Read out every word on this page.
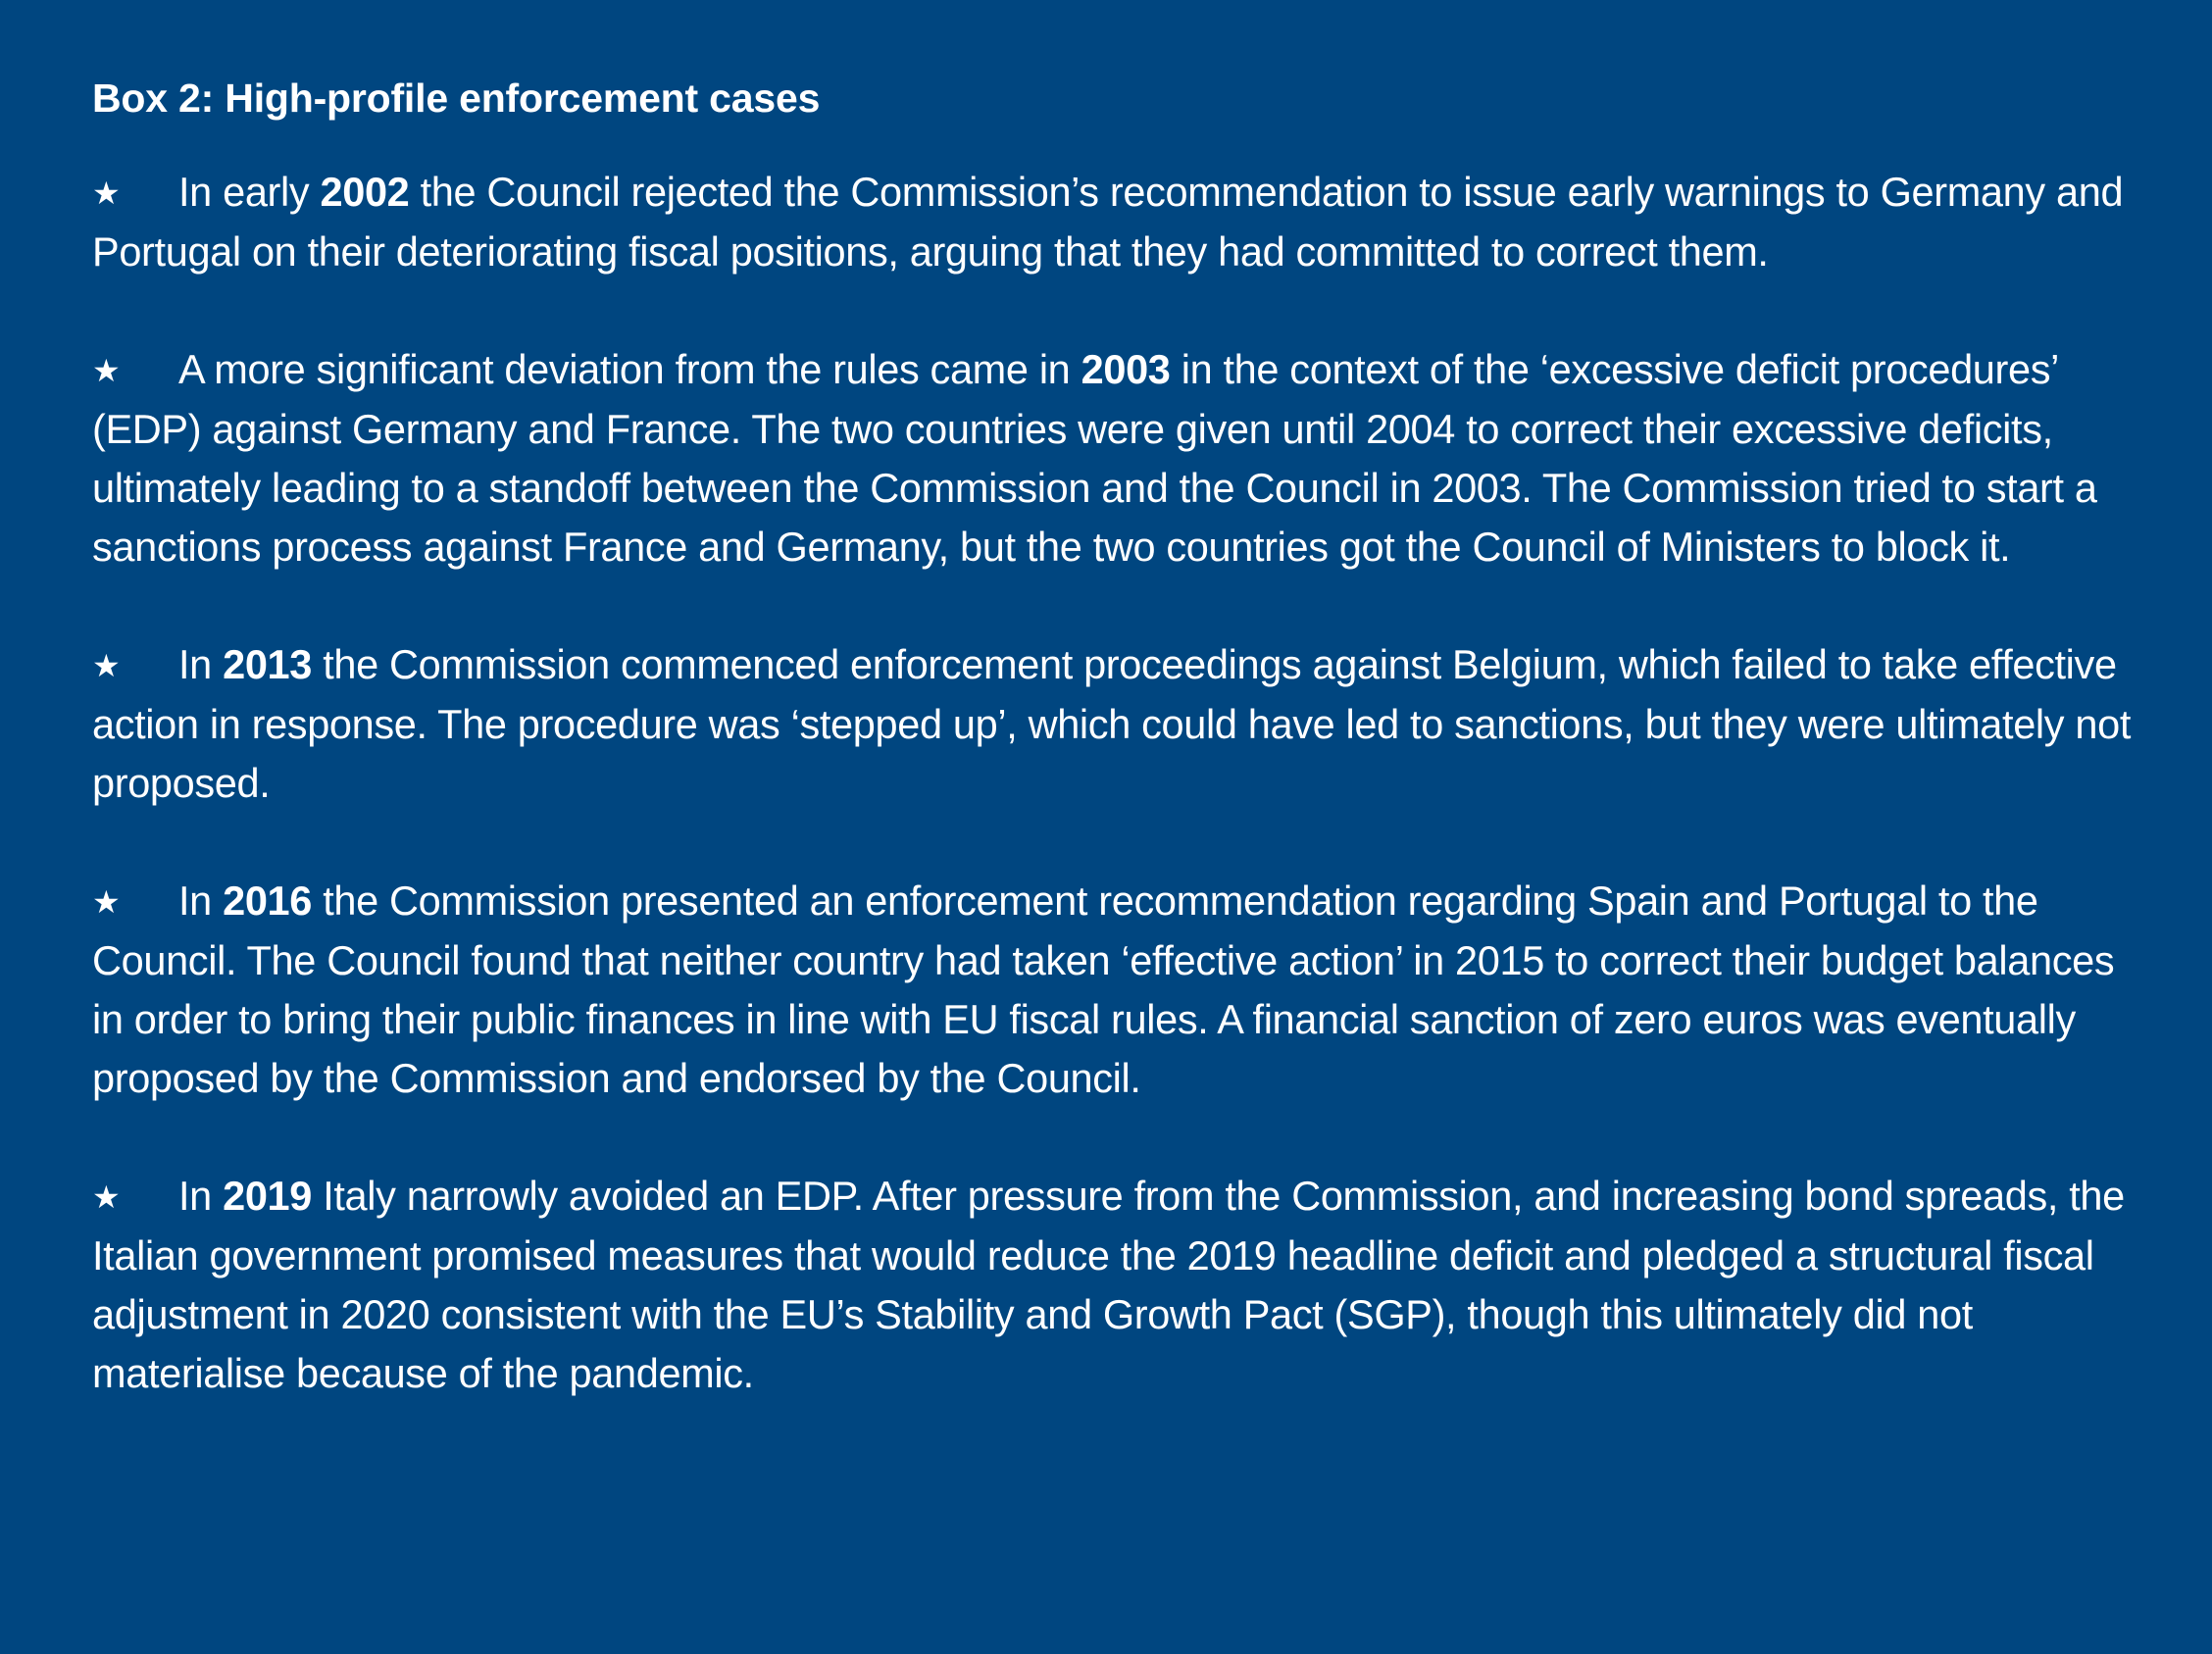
Box 2: High-profile enforcement cases
★ In early 2002 the Council rejected the Commission’s recommendation to issue early warnings to Germany and Portugal on their deteriorating fiscal positions, arguing that they had committed to correct them.
★ A more significant deviation from the rules came in 2003 in the context of the ‘excessive deficit procedures’ (EDP) against Germany and France. The two countries were given until 2004 to correct their excessive deficits, ultimately leading to a standoff between the Commission and the Council in 2003. The Commission tried to start a sanctions process against France and Germany, but the two countries got the Council of Ministers to block it.
★ In 2013 the Commission commenced enforcement proceedings against Belgium, which failed to take effective action in response. The procedure was ‘stepped up’, which could have led to sanctions, but they were ultimately not proposed.
★ In 2016 the Commission presented an enforcement recommendation regarding Spain and Portugal to the Council. The Council found that neither country had taken ‘effective action’ in 2015 to correct their budget balances in order to bring their public finances in line with EU fiscal rules. A financial sanction of zero euros was eventually proposed by the Commission and endorsed by the Council.
★ In 2019 Italy narrowly avoided an EDP. After pressure from the Commission, and increasing bond spreads, the Italian government promised measures that would reduce the 2019 headline deficit and pledged a structural fiscal adjustment in 2020 consistent with the EU’s Stability and Growth Pact (SGP), though this ultimately did not materialise because of the pandemic.
